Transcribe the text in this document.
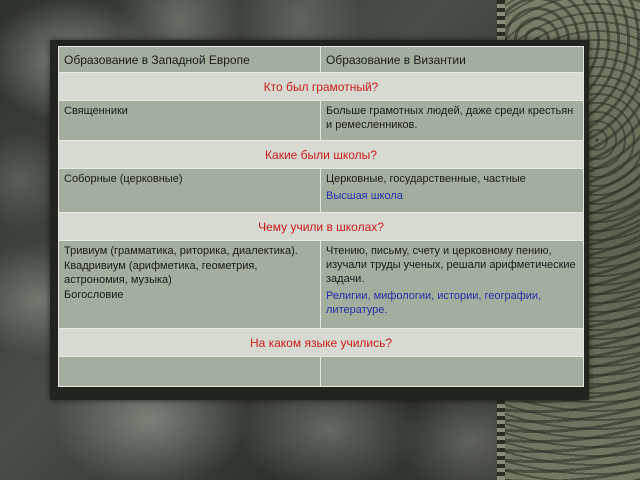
Образование в Западной Европе	Образование в Византии
Кто был грамотный?	

Священники	Больше грамотных людей, даже среди крестьян и ремесленников.

Какие были школы?	

Соборные (церковные)	Церковные, государственные, частные
Высшая школа

Чему учили в школах?	

Тривиум (грамматика, риторика, диалектика).
Квадривиум (арифметика, геометрия, астрономия, музыка)
Богословие	Чтению, письму, счету и церковному пению, изучали труды ученых, решали арифметические задачи.
Религии, мифологии, истории, географии, литературе.

На каком языке учились?	
